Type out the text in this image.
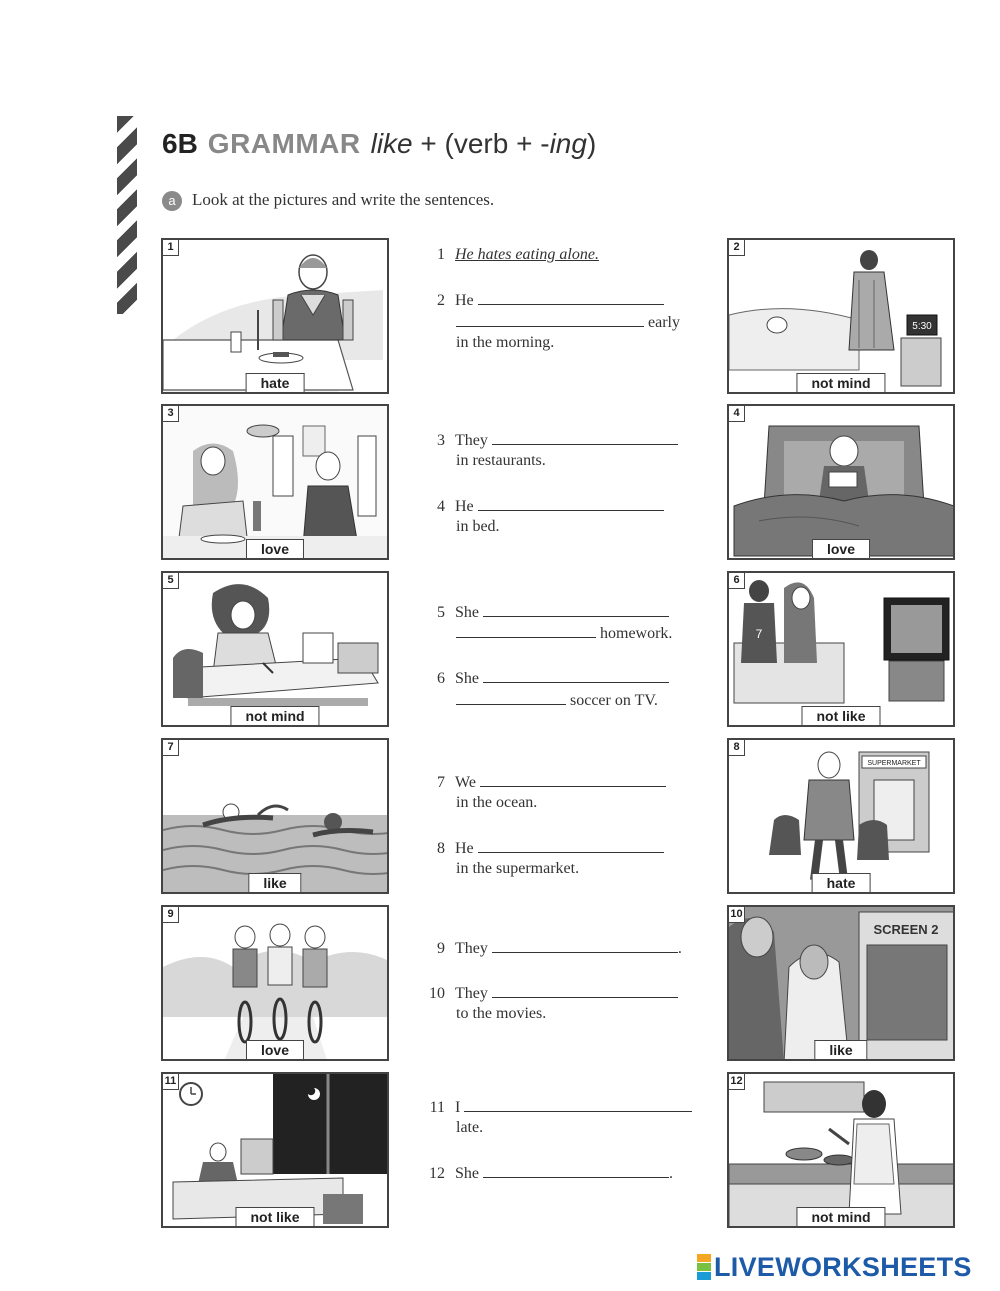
6B GRAMMAR like + (verb + -ing)
a Look at the pictures and write the sentences.
1
hate
3
love
5
not mind
7
like
9
love
11
not like
5:30
2
not mind
4
love
7
6
not like
SUPERMARKET
8
hate
SCREEN 2
10
like
12
not mind
1 He hates eating alone.
2 He
early
in the morning.
3 They
in restaurants.
4 He
in bed.
5 She
homework.
6 She
soccer on TV.
7 We
in the ocean.
8 He
in the supermarket.
9 They	.
10 They
to the movies.
11 I
late.
12 She	.
LIVEWORKSHEETS
